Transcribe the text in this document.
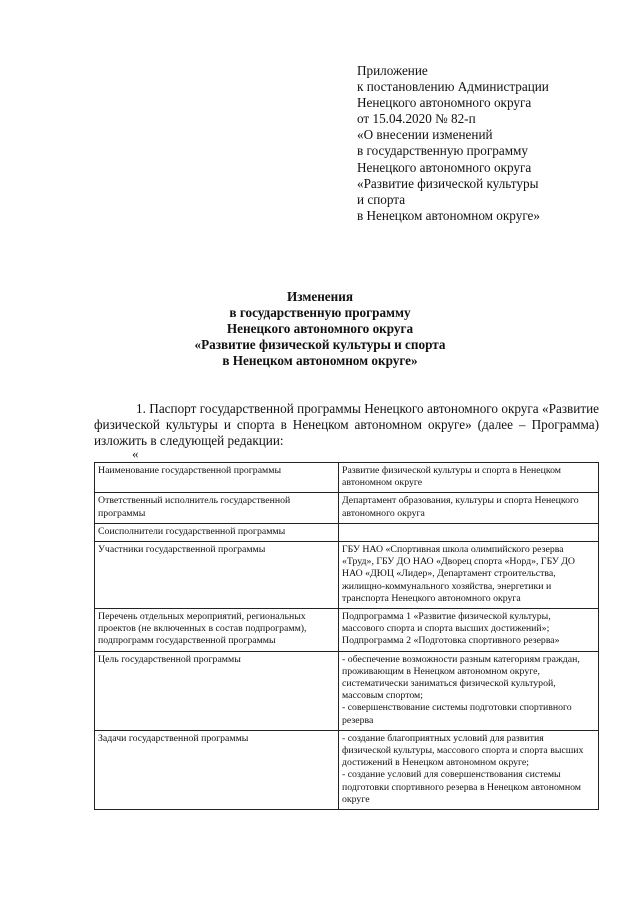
Приложение
к постановлению Администрации
Ненецкого автономного округа
от 15.04.2020 № 82-п
«О внесении изменений
в государственную программу
Ненецкого автономного округа
«Развитие физической культуры
и спорта
в Ненецком автономном округе»
Изменения
в государственную программу
Ненецкого автономного округа
«Развитие физической культуры и спорта
в Ненецком автономном округе»
1. Паспорт государственной программы Ненецкого автономного округа «Развитие физической культуры и спорта в Ненецком автономном округе» (далее – Программа) изложить в следующей редакции:
«
Наименование государственной программы	Развитие физической культуры и спорта в Ненецком автономном округе
Ответственный исполнитель государственной программы	Департамент образования, культуры и спорта Ненецкого автономного округа
Соисполнители государственной программы	
Участники государственной программы	ГБУ НАО «Спортивная школа олимпийского резерва «Труд», ГБУ ДО НАО «Дворец спорта «Норд», ГБУ ДО НАО «ДЮЦ «Лидер», Департамент строительства, жилищно-коммунального хозяйства, энергетики и транспорта Ненецкого автономного округа
Перечень отдельных мероприятий, региональных проектов (не включенных в состав подпрограмм), подпрограмм государственной программы	Подпрограмма 1 «Развитие физической культуры, массового спорта и спорта высших достижений»;
Подпрограмма 2 «Подготовка спортивного резерва»
Цель государственной программы	- обеспечение возможности разным категориям граждан, проживающим в Ненецком автономном округе, систематически заниматься физической культурой, массовым спортом;
- совершенствование системы подготовки спортивного резерва
Задачи государственной программы	- создание благоприятных условий для развития физической культуры, массового спорта и спорта высших достижений в Ненецком автономном округе;
- создание условий для совершенствования системы подготовки спортивного резерва в Ненецком автономном округе
